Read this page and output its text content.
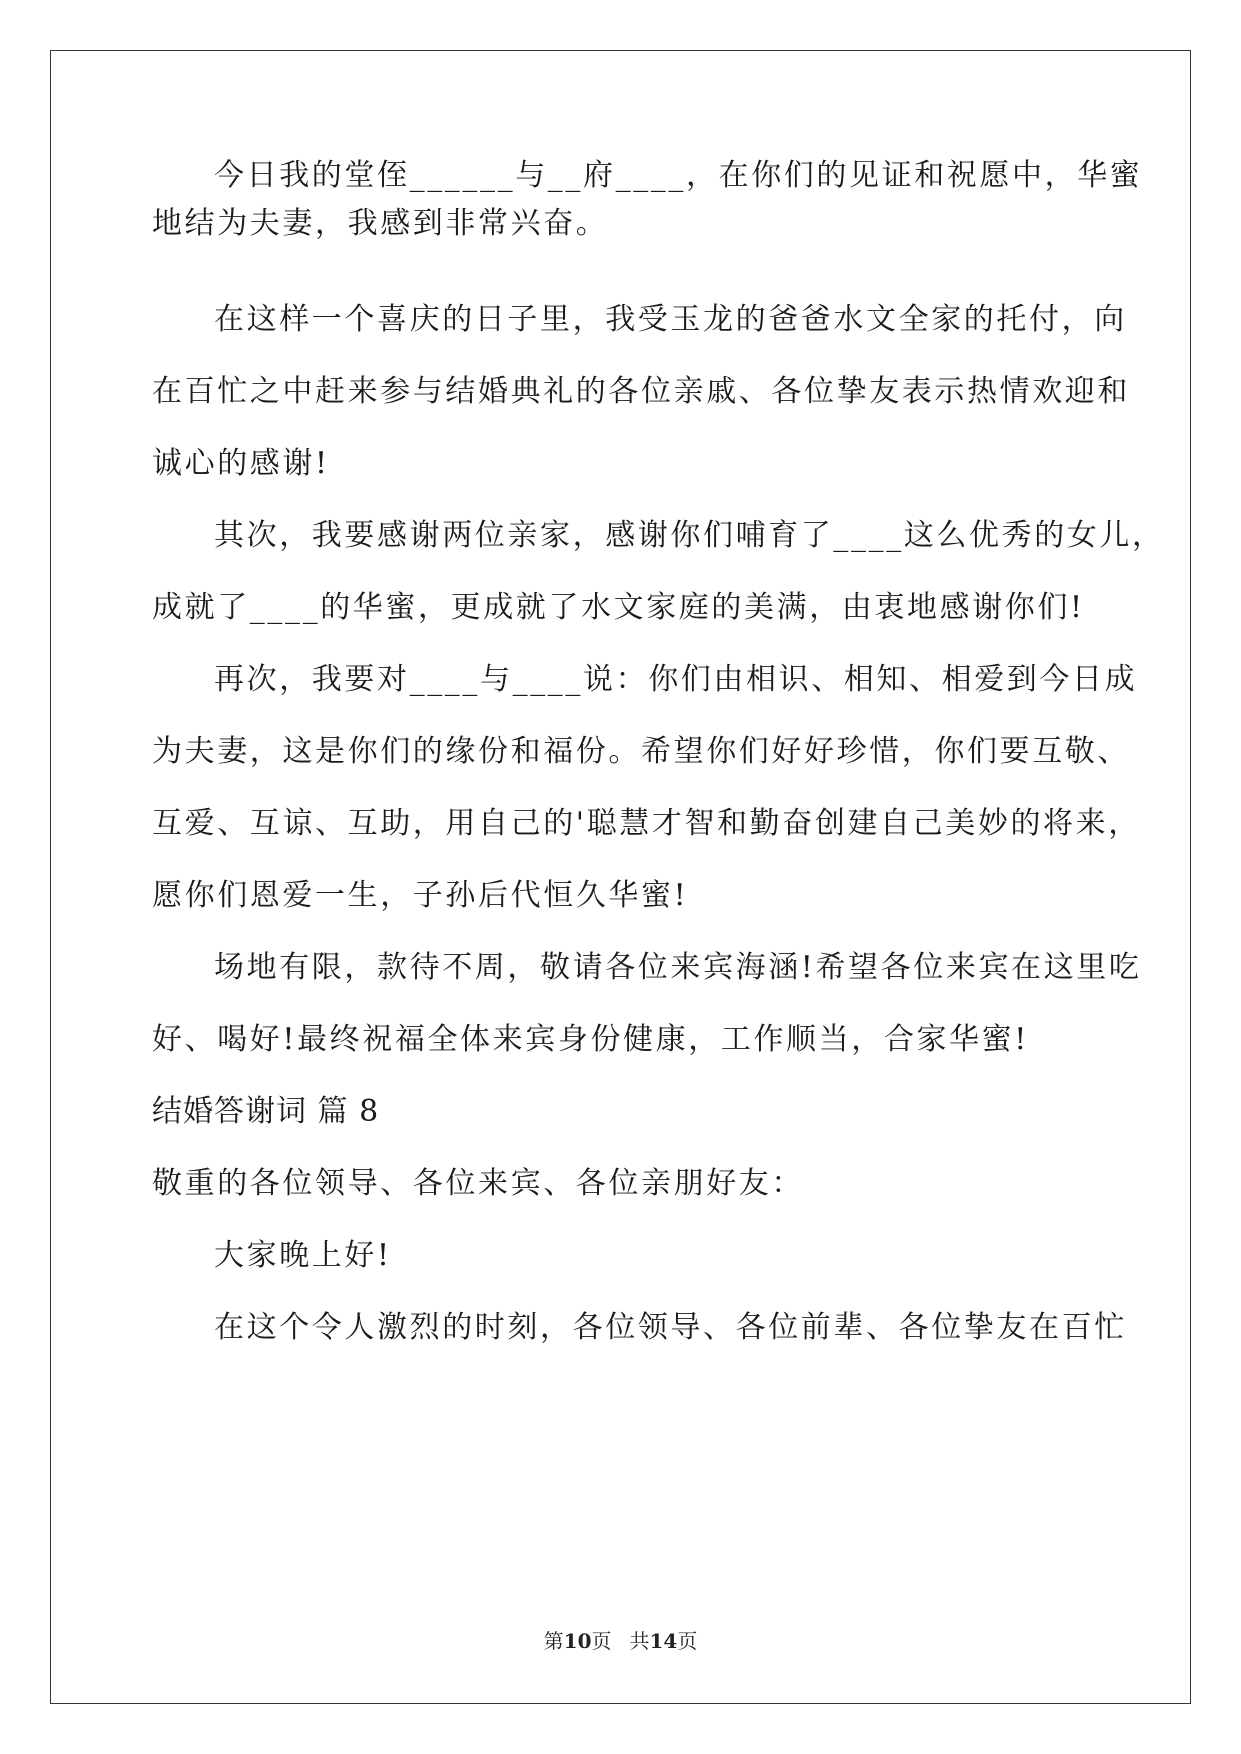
今日我的堂侄______与__府____，在你们的见证和祝愿中，华蜜
地结为夫妻，我感到非常兴奋。
在这样一个喜庆的日子里，我受玉龙的爸爸水文全家的托付，向
在百忙之中赶来参与结婚典礼的各位亲戚、各位挚友表示热情欢迎和
诚心的感谢!
其次，我要感谢两位亲家，感谢你们哺育了____这么优秀的女儿，
成就了____的华蜜，更成就了水文家庭的美满，由衷地感谢你们!
再次，我要对____与____说：你们由相识、相知、相爱到今日成
为夫妻，这是你们的缘份和福份。希望你们好好珍惜，你们要互敬、
互爱、互谅、互助，用自己的'聪慧才智和勤奋创建自己美妙的将来，
愿你们恩爱一生，子孙后代恒久华蜜!
场地有限，款待不周，敬请各位来宾海涵!希望各位来宾在这里吃
好、喝好!最终祝福全体来宾身份健康，工作顺当，合家华蜜!
结婚答谢词 篇 8
敬重的各位领导、各位来宾、各位亲朋好友：
大家晚上好!
在这个令人激烈的时刻，各位领导、各位前辈、各位挚友在百忙
第10页 共14页
